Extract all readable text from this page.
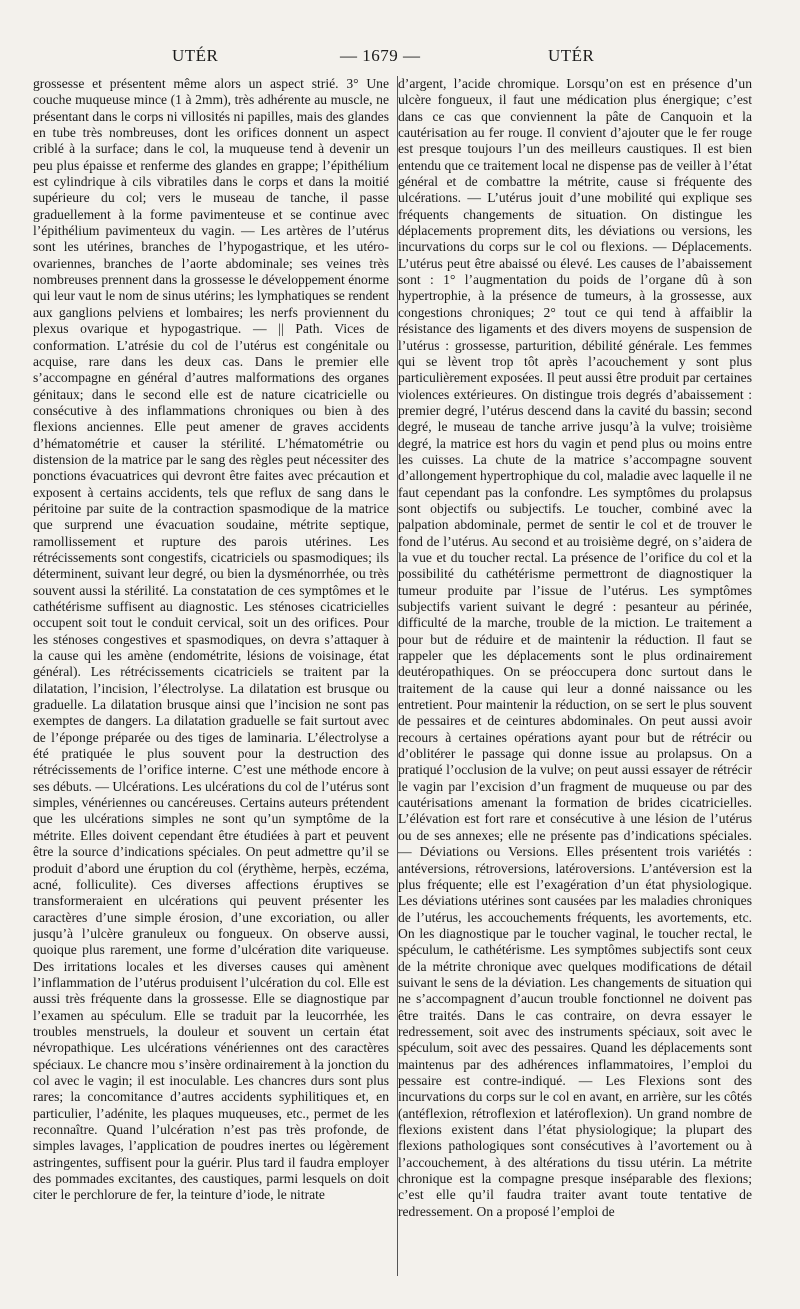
UTÉR	— 1679 —	UTÉR

grossesse et présentent même alors un aspect strié. 3° Une couche muqueuse mince (1 à 2mm), très adhérente au muscle, ne présentant dans le corps ni villosités ni papilles, mais des glandes en tube très nombreuses, dont les orifices donnent un aspect criblé à la surface; dans le col, la muqueuse tend à devenir un peu plus épaisse et renferme des glandes en grappe; l’épithélium est cylindrique à cils vibratiles dans le corps et dans la moitié supérieure du col; vers le museau de tanche, il passe graduellement à la forme pavimenteuse et se continue avec l’épithélium pavimenteux du vagin. — Les artères de l’utérus sont les utérines, branches de l’hypogastrique, et les utéro-ovariennes, branches de l’aorte abdominale; ses veines très nombreuses prennent dans la grossesse le développement énorme qui leur vaut le nom de sinus utérins; les lymphatiques se rendent aux ganglions pelviens et lombaires; les nerfs proviennent du plexus ovarique et hypogastrique. — || Path. Vices de conformation. L’atrésie du col de l’utérus est congénitale ou acquise, rare dans les deux cas. Dans le premier elle s’accompagne en général d’autres malformations des organes génitaux; dans le second elle est de nature cicatricielle ou consécutive à des inflammations chroniques ou bien à des flexions anciennes. Elle peut amener de graves accidents d’hématométrie et causer la stérilité. L’hématométrie ou distension de la matrice par le sang des règles peut nécessiter des ponctions évacuatrices qui devront être faites avec précaution et exposent à certains accidents, tels que reflux de sang dans le péritoine par suite de la contraction spasmodique de la matrice que surprend une évacuation soudaine, métrite septique, ramollissement et rupture des parois utérines. Les rétrécissements sont congestifs, cicatriciels ou spasmodiques; ils déterminent, suivant leur degré, ou bien la dysménorrhée, ou très souvent aussi la stérilité. La constatation de ces symptômes et le cathétérisme suffisent au diagnostic. Les sténoses cicatricielles occupent soit tout le conduit cervical, soit un des orifices. Pour les sténoses congestives et spasmodiques, on devra s’attaquer à la cause qui les amène (endométrite, lésions de voisinage, état général). Les rétrécissements cicatriciels se traitent par la dilatation, l’incision, l’électrolyse. La dilatation est brusque ou graduelle. La dilatation brusque ainsi que l’incision ne sont pas exemptes de dangers. La dilatation graduelle se fait surtout avec de l’éponge préparée ou des tiges de laminaria. L’électrolyse a été pratiquée le plus souvent pour la destruction des rétrécissements de l’orifice interne. C’est une méthode encore à ses débuts. — Ulcérations. Les ulcérations du col de l’utérus sont simples, vénériennes ou cancéreuses. Certains auteurs prétendent que les ulcérations simples ne sont qu’un symptôme de la métrite. Elles doivent cependant être étudiées à part et peuvent être la source d’indications spéciales. On peut admettre qu’il se produit d’abord une éruption du col (érythème, herpès, eczéma, acné, folliculite). Ces diverses affections éruptives se transformeraient en ulcérations qui peuvent présenter les caractères d’une simple érosion, d’une excoriation, ou aller jusqu’à l’ulcère granuleux ou fongueux. On observe aussi, quoique plus rarement, une forme d’ulcération dite variqueuse. Des irritations locales et les diverses causes qui amènent l’inflammation de l’utérus produisent l’ulcération du col. Elle est aussi très fréquente dans la grossesse. Elle se diagnostique par l’examen au spéculum. Elle se traduit par la leucorrhée, les troubles menstruels, la douleur et souvent un certain état névropathique. Les ulcérations vénériennes ont des caractères spéciaux. Le chancre mou s’insère ordinairement à la jonction du col avec le vagin; il est inoculable. Les chancres durs sont plus rares; la concomitance d’autres accidents syphilitiques et, en particulier, l’adénite, les plaques muqueuses, etc., permet de les reconnaître. Quand l’ulcération n’est pas très profonde, de simples lavages, l’application de poudres inertes ou légèrement astringentes, suffisent pour la guérir. Plus tard il faudra employer des pommades excitantes, des caustiques, parmi lesquels on doit citer le perchlorure de fer, la teinture d’iode, le nitrate

d’argent, l’acide chromique. Lorsqu’on est en présence d’un ulcère fongueux, il faut une médication plus énergique; c’est dans ce cas que conviennent la pâte de Canquoin et la cautérisation au fer rouge. Il convient d’ajouter que le fer rouge est presque toujours l’un des meilleurs caustiques. Il est bien entendu que ce traitement local ne dispense pas de veiller à l’état général et de combattre la métrite, cause si fréquente des ulcérations. — L’utérus jouit d’une mobilité qui explique ses fréquents changements de situation. On distingue les déplacements proprement dits, les déviations ou versions, les incurvations du corps sur le col ou flexions. — Déplacements. L’utérus peut être abaissé ou élevé. Les causes de l’abaissement sont : 1° l’augmentation du poids de l’organe dû à son hypertrophie, à la présence de tumeurs, à la grossesse, aux congestions chroniques; 2° tout ce qui tend à affaiblir la résistance des ligaments et des divers moyens de suspension de l’utérus : grossesse, parturition, débilité générale. Les femmes qui se lèvent trop tôt après l’acouchement y sont plus particulièrement exposées. Il peut aussi être produit par certaines violences extérieures. On distingue trois degrés d’abaissement : premier degré, l’utérus descend dans la cavité du bassin; second degré, le museau de tanche arrive jusqu’à la vulve; troisième degré, la matrice est hors du vagin et pend plus ou moins entre les cuisses. La chute de la matrice s’accompagne souvent d’allongement hypertrophique du col, maladie avec laquelle il ne faut cependant pas la confondre. Les symptômes du prolapsus sont objectifs ou subjectifs. Le toucher, combiné avec la palpation abdominale, permet de sentir le col et de trouver le fond de l’utérus. Au second et au troisième degré, on s’aidera de la vue et du toucher rectal. La présence de l’orifice du col et la possibilité du cathétérisme permettront de diagnostiquer la tumeur produite par l’issue de l’utérus. Les symptômes subjectifs varient suivant le degré : pesanteur au périnée, difficulté de la marche, trouble de la miction. Le traitement a pour but de réduire et de maintenir la réduction. Il faut se rappeler que les déplacements sont le plus ordinairement deutéropathiques. On se préoccupera donc surtout dans le traitement de la cause qui leur a donné naissance ou les entretient. Pour maintenir la réduction, on se sert le plus souvent de pessaires et de ceintures abdominales. On peut aussi avoir recours à certaines opérations ayant pour but de rétrécir ou d’oblitérer le passage qui donne issue au prolapsus. On a pratiqué l’occlusion de la vulve; on peut aussi essayer de rétrécir le vagin par l’excision d’un fragment de muqueuse ou par des cautérisations amenant la formation de brides cicatricielles. L’élévation est fort rare et consécutive à une lésion de l’utérus ou de ses annexes; elle ne présente pas d’indications spéciales. — Déviations ou Versions. Elles présentent trois variétés : antéversions, rétroversions, latéroversions. L’antéversion est la plus fréquente; elle est l’exagération d’un état physiologique. Les déviations utérines sont causées par les maladies chroniques de l’utérus, les accouchements fréquents, les avortements, etc. On les diagnostique par le toucher vaginal, le toucher rectal, le spéculum, le cathétérisme. Les symptômes subjectifs sont ceux de la métrite chronique avec quelques modifications de détail suivant le sens de la déviation. Les changements de situation qui ne s’accompagnent d’aucun trouble fonctionnel ne doivent pas être traités. Dans le cas contraire, on devra essayer le redressement, soit avec des instruments spéciaux, soit avec le spéculum, soit avec des pessaires. Quand les déplacements sont maintenus par des adhérences inflammatoires, l’emploi du pessaire est contre-indiqué. — Les Flexions sont des incurvations du corps sur le col en avant, en arrière, sur les côtés (antéflexion, rétroflexion et latéroflexion). Un grand nombre de flexions existent dans l’état physiologique; la plupart des flexions pathologiques sont consécutives à l’avortement ou à l’accouchement, à des altérations du tissu utérin. La métrite chronique est la compagne presque inséparable des flexions; c’est elle qu’il faudra traiter avant toute tentative de redressement. On a proposé l’emploi de
